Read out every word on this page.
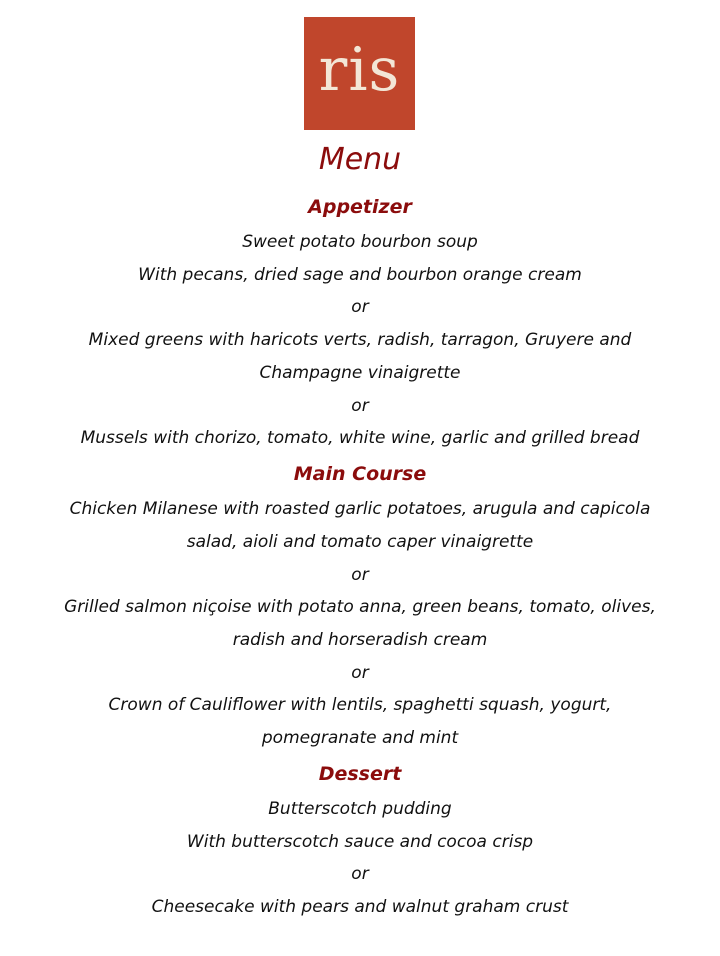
ris
Menu
Appetizer
Sweet potato bourbon soup
With pecans, dried sage and bourbon orange cream
or
Mixed greens with haricots verts, radish, tarragon, Gruyere and
Champagne vinaigrette
or
Mussels with chorizo, tomato, white wine, garlic and grilled bread
Main Course
Chicken Milanese with roasted garlic potatoes, arugula and capicola
salad, aioli and tomato caper vinaigrette
or
Grilled salmon niçoise with potato anna, green beans, tomato, olives,
radish and horseradish cream
or
Crown of Cauliflower with lentils, spaghetti squash, yogurt,
pomegranate and mint
Dessert
Butterscotch pudding
With butterscotch sauce and cocoa crisp
or
Cheesecake with pears and walnut graham crust
